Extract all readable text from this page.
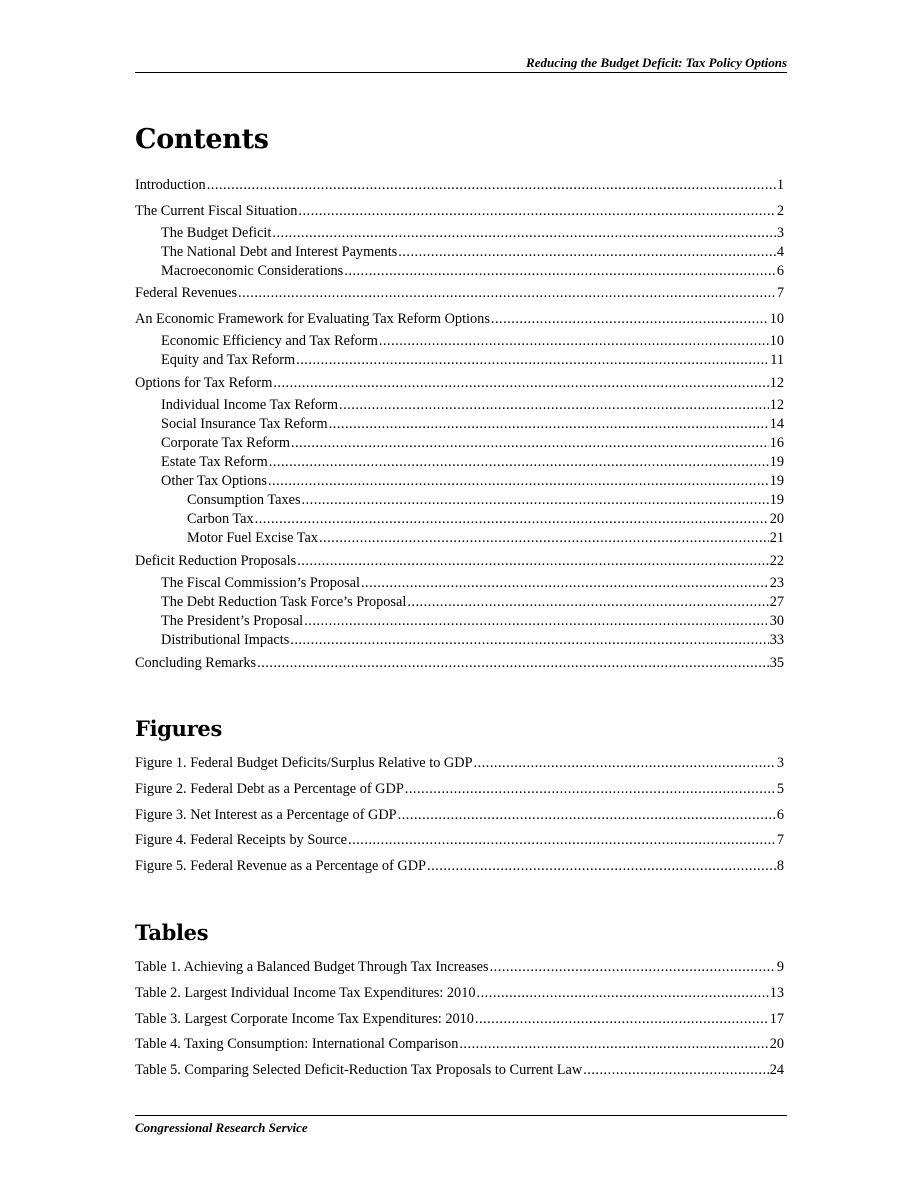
Reducing the Budget Deficit: Tax Policy Options
Contents
Introduction .....	1
The Current Fiscal Situation .....	2
The Budget Deficit .....	3
The National Debt and Interest Payments .....	4
Macroeconomic Considerations .....	6
Federal Revenues .....	7
An Economic Framework for Evaluating Tax Reform Options .....	10
Economic Efficiency and Tax Reform .....	10
Equity and Tax Reform .....	11
Options for Tax Reform .....	12
Individual Income Tax Reform .....	12
Social Insurance Tax Reform .....	14
Corporate Tax Reform .....	16
Estate Tax Reform .....	19
Other Tax Options .....	19
Consumption Taxes .....	19
Carbon Tax .....	20
Motor Fuel Excise Tax .....	21
Deficit Reduction Proposals .....	22
The Fiscal Commission’s Proposal .....	23
The Debt Reduction Task Force’s Proposal .....	27
The President’s Proposal .....	30
Distributional Impacts .....	33
Concluding Remarks .....	35
Figures
Figure 1. Federal Budget Deficits/Surplus Relative to GDP .....	3
Figure 2. Federal Debt as a Percentage of GDP .....	5
Figure 3. Net Interest as a Percentage of GDP .....	6
Figure 4. Federal Receipts by Source .....	7
Figure 5. Federal Revenue as a Percentage of GDP .....	8
Tables
Table 1. Achieving a Balanced Budget Through Tax Increases .....	9
Table 2. Largest Individual Income Tax Expenditures: 2010 .....	13
Table 3. Largest Corporate Income Tax Expenditures: 2010 .....	17
Table 4. Taxing Consumption: International Comparison .....	20
Table 5. Comparing Selected Deficit-Reduction Tax Proposals to Current Law .....	24
Congressional Research Service
